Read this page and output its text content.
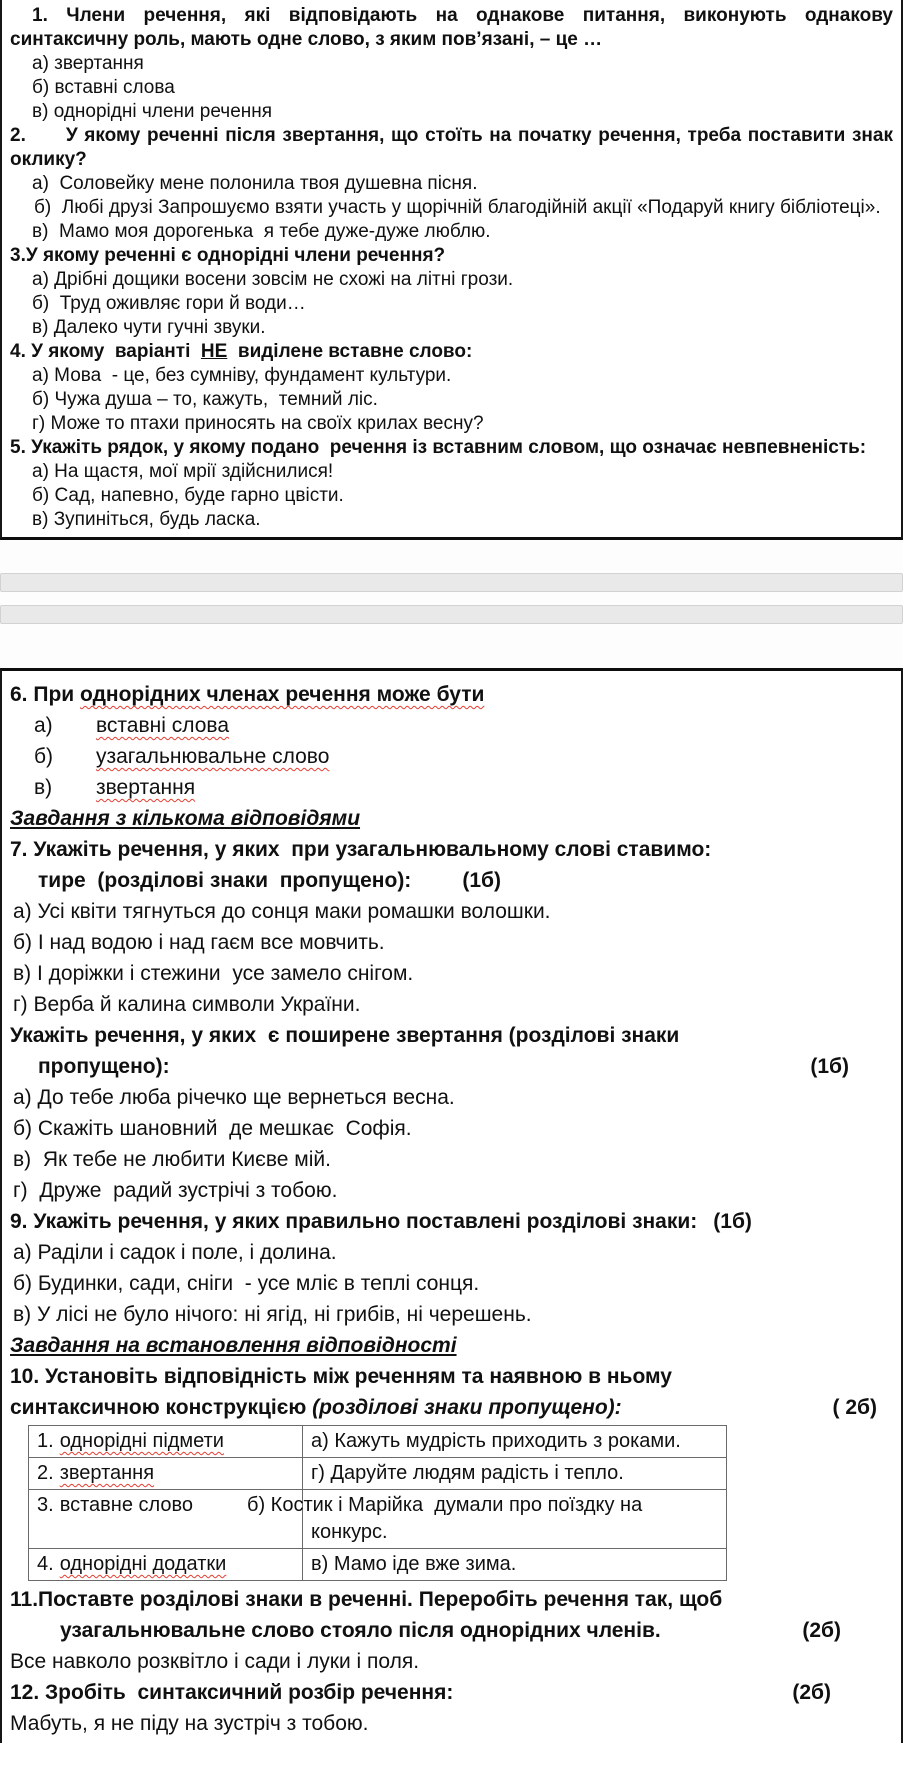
1. Члени речення, які відповідають на однакове питання, виконують однакову синтаксичну роль, мають одне слово, з яким пов’язані, – це …
а) звертання
б) вставні слова
в) однорідні члени речення
2.      У якому реченні після звертання, що стоїть на початку речення, треба поставити знак оклику?
а)  Соловейку мене полонила твоя душевна пісня.
б)  Любі друзі Запрошуємо взяти участь у щорічній благодійній акції «Подаруй книгу бібліотеці».
в)  Мамо моя дорогенька  я тебе дуже-дуже люблю.
3.У якому реченні є однорідні члени речення?
а) Дрібні дощики восени зовсім не схожі на літні грози.
б)  Труд оживляє гори й води…
в) Далеко чути гучні звуки.
4. У якому  варіанті  НЕ  виділене вставне слово:
а) Мова  - це, без сумніву, фундамент культури.
б) Чужа душа – то, кажуть,  темний ліс.
г) Може то птахи приносять на своїх крилах весну?
5. Укажіть рядок, у якому подано  речення із вставним словом, що означає невпевненість:
а) На щастя, мої мрії здійснилися!
б) Сад, напевно, буде гарно цвісти.
в) Зупиніться, будь ласка.
6. При однорідних членах речення може бути
а)	вставні слова
б)	узагальнювальне слово
в)	звертання
Завдання з кількома відповідями
7. Укажіть речення, у яких  при узагальнювальному слові ставимо:
тире  (розділові знаки  пропущено): (1б)
а) Усі квіти тягнуться до сонця маки ромашки волошки.
б) І над водою і над гаєм все мовчить.
в) І доріжки і стежини  усе замело снігом.
г) Верба й калина символи України.
Укажіть речення, у яких  є поширене звертання (розділові знаки
пропущено):	(1б)
а) До тебе люба річечко ще вернеться весна.
б) Скажіть шановний  де мешкає  Софія.
в)  Як тебе не любити Києве мій.
г)  Друже  радий зустрічі з тобою.
9. Укажіть речення, у яких правильно поставлені розділові знаки: (1б)
а) Раділи і садок і поле, і долина.
б) Будинки, сади, сніги  - усе мліє в теплі сонця.
в) У лісі не було нічого: ні ягід, ні грибів, ні черешень.
Завдання на встановлення відповідності
10. Установіть відповідність між реченням та наявною в ньому
синтаксичною конструкцією (розділові знаки пропущено):	( 2б)
1. однорідні підмети	а) Кажуть мудрість приходить з роками.
2. звертання	г) Даруйте людям радість і тепло.
3. вставне слово	б) Костик і Марійка  думали про поїздку на конкурс.
4. однорідні додатки	в) Мамо іде вже зима.
11.Поставте розділові знаки в реченні. Переробіть речення так, щоб
узагальнювальне слово стояло після однорідних членів.	(2б)
Все навколо розквітло і сади і луки і поля.
12. Зробіть  синтаксичний розбір речення:	(2б)
Мабуть, я не піду на зустріч з тобою.
